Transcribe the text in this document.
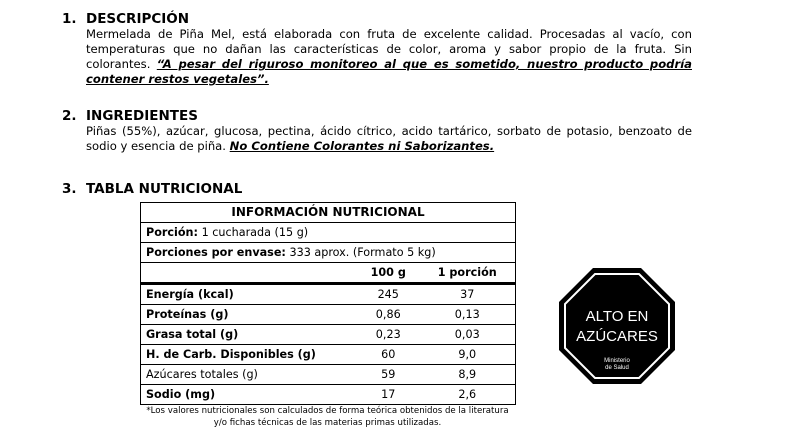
1. DESCRIPCIÓN
Mermelada de Piña Mel, está elaborada con fruta de excelente calidad. Procesadas al vacío, con temperaturas que no dañan las características de color, aroma y sabor propio de la fruta. Sin colorantes. “A pesar del riguroso monitoreo al que es sometido, nuestro producto podría contener restos vegetales”.
2. INGREDIENTES
Piñas (55%), azúcar, glucosa, pectina, ácido cítrico, acido tartárico, sorbato de potasio, benzoato de sodio y esencia de piña. No Contiene Colorantes ni Saborizantes.
3. TABLA NUTRICIONAL
INFORMACIÓN NUTRICIONAL		
Porción: 1 cucharada (15 g)		
Porciones por envase: 333 aprox. (Formato 5 kg)		
	100 g	1 porción
Energía (kcal)	245	37
Proteínas (g)	0,86	0,13
Grasa total (g)	0,23	0,03
H. de Carb. Disponibles (g)	60	9,0
Azúcares totales (g)	59	8,9
Sodio (mg)	17	2,6
*Los valores nutricionales son calculados de forma teórica obtenidos de la literatura
y/o fichas técnicas de las materias primas utilizadas.
ALTO EN
AZÚCARES
Ministerio
de Salud
